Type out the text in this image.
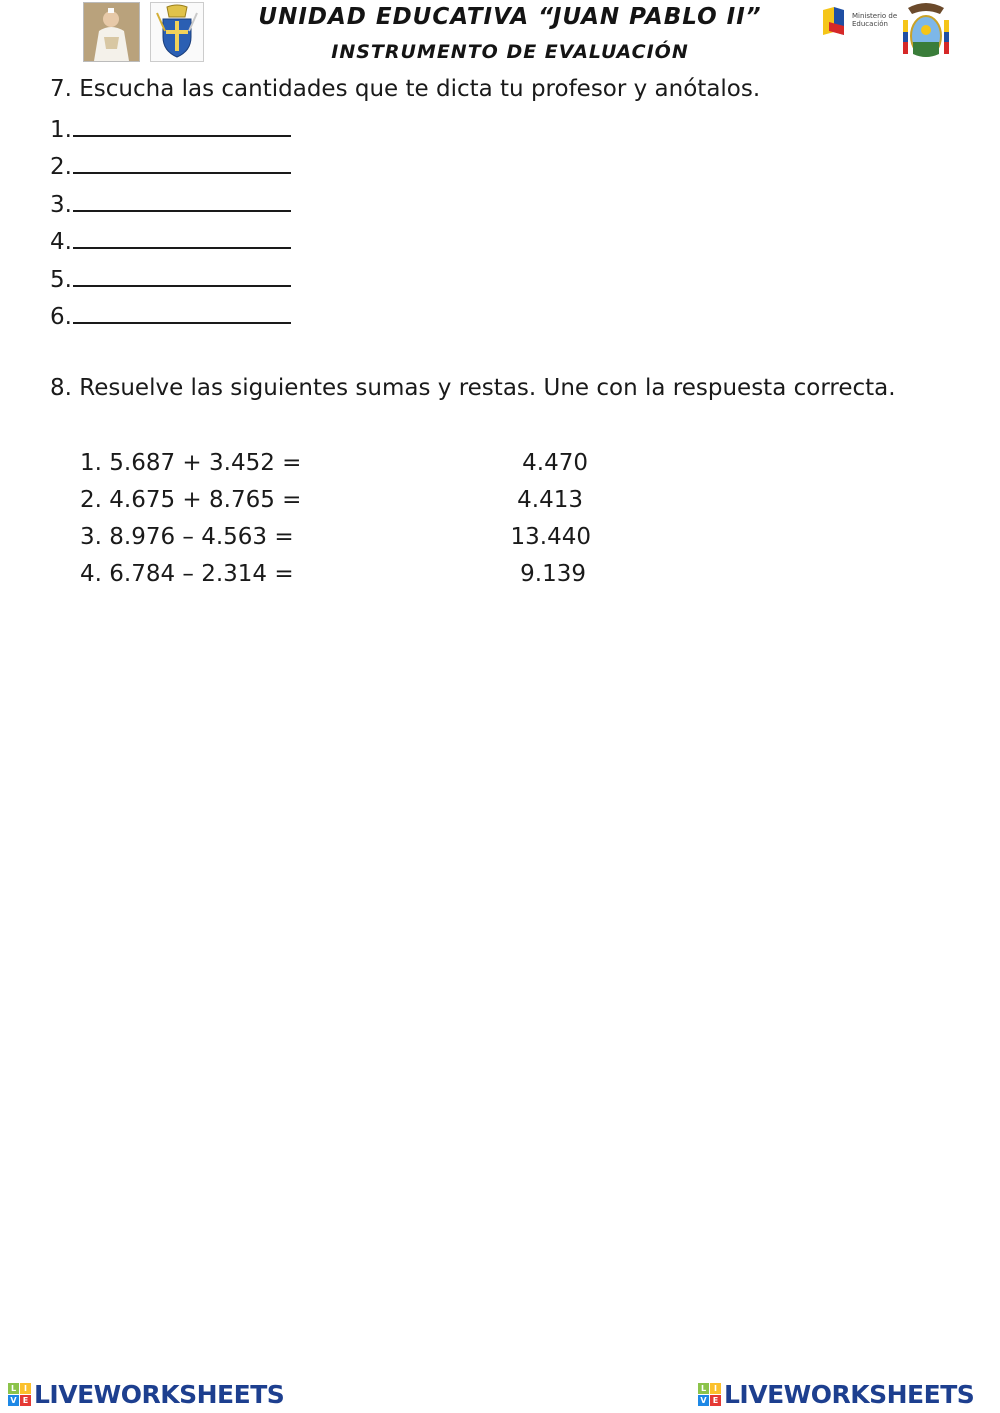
UNIDAD EDUCATIVA “JUAN PABLO II”
INSTRUMENTO DE EVALUACIÓN
Ministerio de Educación
7. Escucha las cantidades que te dicta tu profesor y anótalos.
1.
2.
3.
4.
5.
6.
8. Resuelve las siguientes sumas y restas. Une con la respuesta correcta.
1. 5.687 + 3.452 =
2. 4.675 + 8.765 =
3. 8.976 – 4.563 =
4. 6.784 – 2.314 =
4.470
4.413
13.440
9.139
L I
V E LIVEWORKSHEETS	L I
V E LIVEWORKSHEETS
